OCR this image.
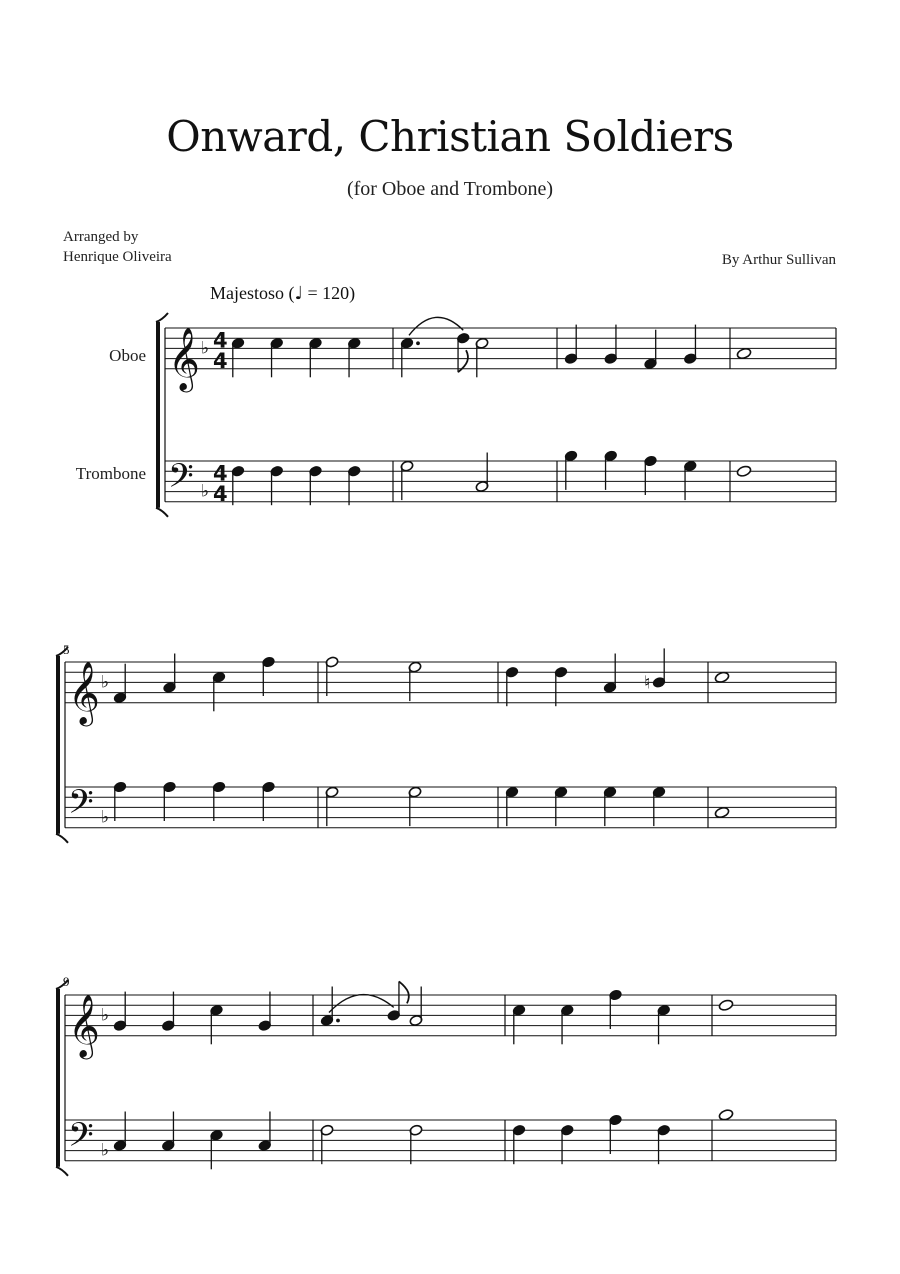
Onward, Christian Soldiers
(for Oboe and Trombone)
Arranged by
Henrique Oliveira	By Arthur Sullivan
Majestoso (♩ = 120)
Oboe
Trombone
5
9
𝄞 ♭ 4
4
𝄢 ♭
4
4
𝄞 ♭	♮
𝄢 ♭
𝄞 ♭
𝄢 ♭
